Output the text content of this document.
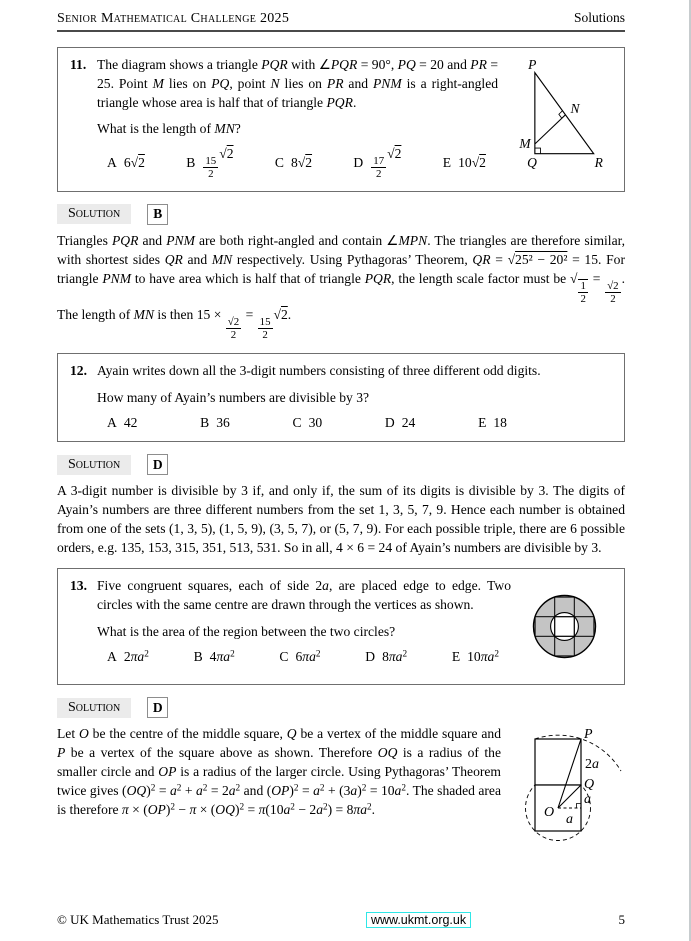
Senior Mathematical Challenge 2025	Solutions
11. The diagram shows a triangle PQR with ∠PQR = 90°, PQ = 20 and PR = 25. Point M lies on PQ, point N lies on PR and PNM is a right-angled triangle whose area is half that of triangle PQR.
What is the length of MN?
A 6√2	B $\frac{15}{2}$
√2
C 8√2	D $\frac{17}{2}$
√2
E 10√2
P
Q	R
M
N
Solution	B
Triangles PQR and PNM are both right-angled and contain ∠MPN. The triangles are therefore similar, with shortest sides QR and MN respectively. Using Pythagoras’ Theorem, QR = √25² − 20² = 15. For triangle PNM to have area which is half that of triangle PQR, the length scale factor must be √
$\frac{1}{2}$
=
$\frac{√2}{2}$
. The length of MN is then 15 ×
$\frac{√2}{2}$
=
$\frac{15}{2}$
√2.
12. Ayain writes down all the 3-digit numbers consisting of three different odd digits.
How many of Ayain’s numbers are divisible by 3?
A 42	B 36	C 30	D 24	E 18
Solution	D
A 3-digit number is divisible by 3 if, and only if, the sum of its digits is divisible by 3. The digits of Ayain’s numbers are three different numbers from the set 1, 3, 5, 7, 9. Hence each number is obtained from one of the sets (1, 3, 5), (1, 5, 9), (3, 5, 7), or (5, 7, 9). For each possible triple, there are 6 possible orders, e.g. 135, 153, 315, 351, 513, 531. So in all, 4 × 6 = 24 of Ayain’s numbers are divisible by 3.
13. Five congruent squares, each of side 2a, are placed edge to edge. Two circles with the same centre are drawn through the vertices as shown.
What is the area of the region between the two circles?
A $2\pi a^2$	B $4\pi a^2$	C $6\pi a^2$	D $8\pi a^2$	E $10\pi a^2$
Solution	D
Let O be the centre of the middle square, Q be a vertex of the middle square and P be a vertex of the square above as shown. Therefore OQ is a radius of the smaller circle and OP is a radius of the larger circle. Using Pythagoras’ Theorem twice gives $(OQ)^2 = a^2 + a^2 = 2a^2$ and $(OP)^2 = a^2 + (3a)^2 = 10a^2$. The shaded area is therefore $\pi \times (OP)^2 - \pi \times (OQ)^2 = \pi(10a^2 - 2a^2) = 8\pi a^2$.
P
2a
Q
a
O a
© UK Mathematics Trust 2025	www.ukmt.org.uk	5
